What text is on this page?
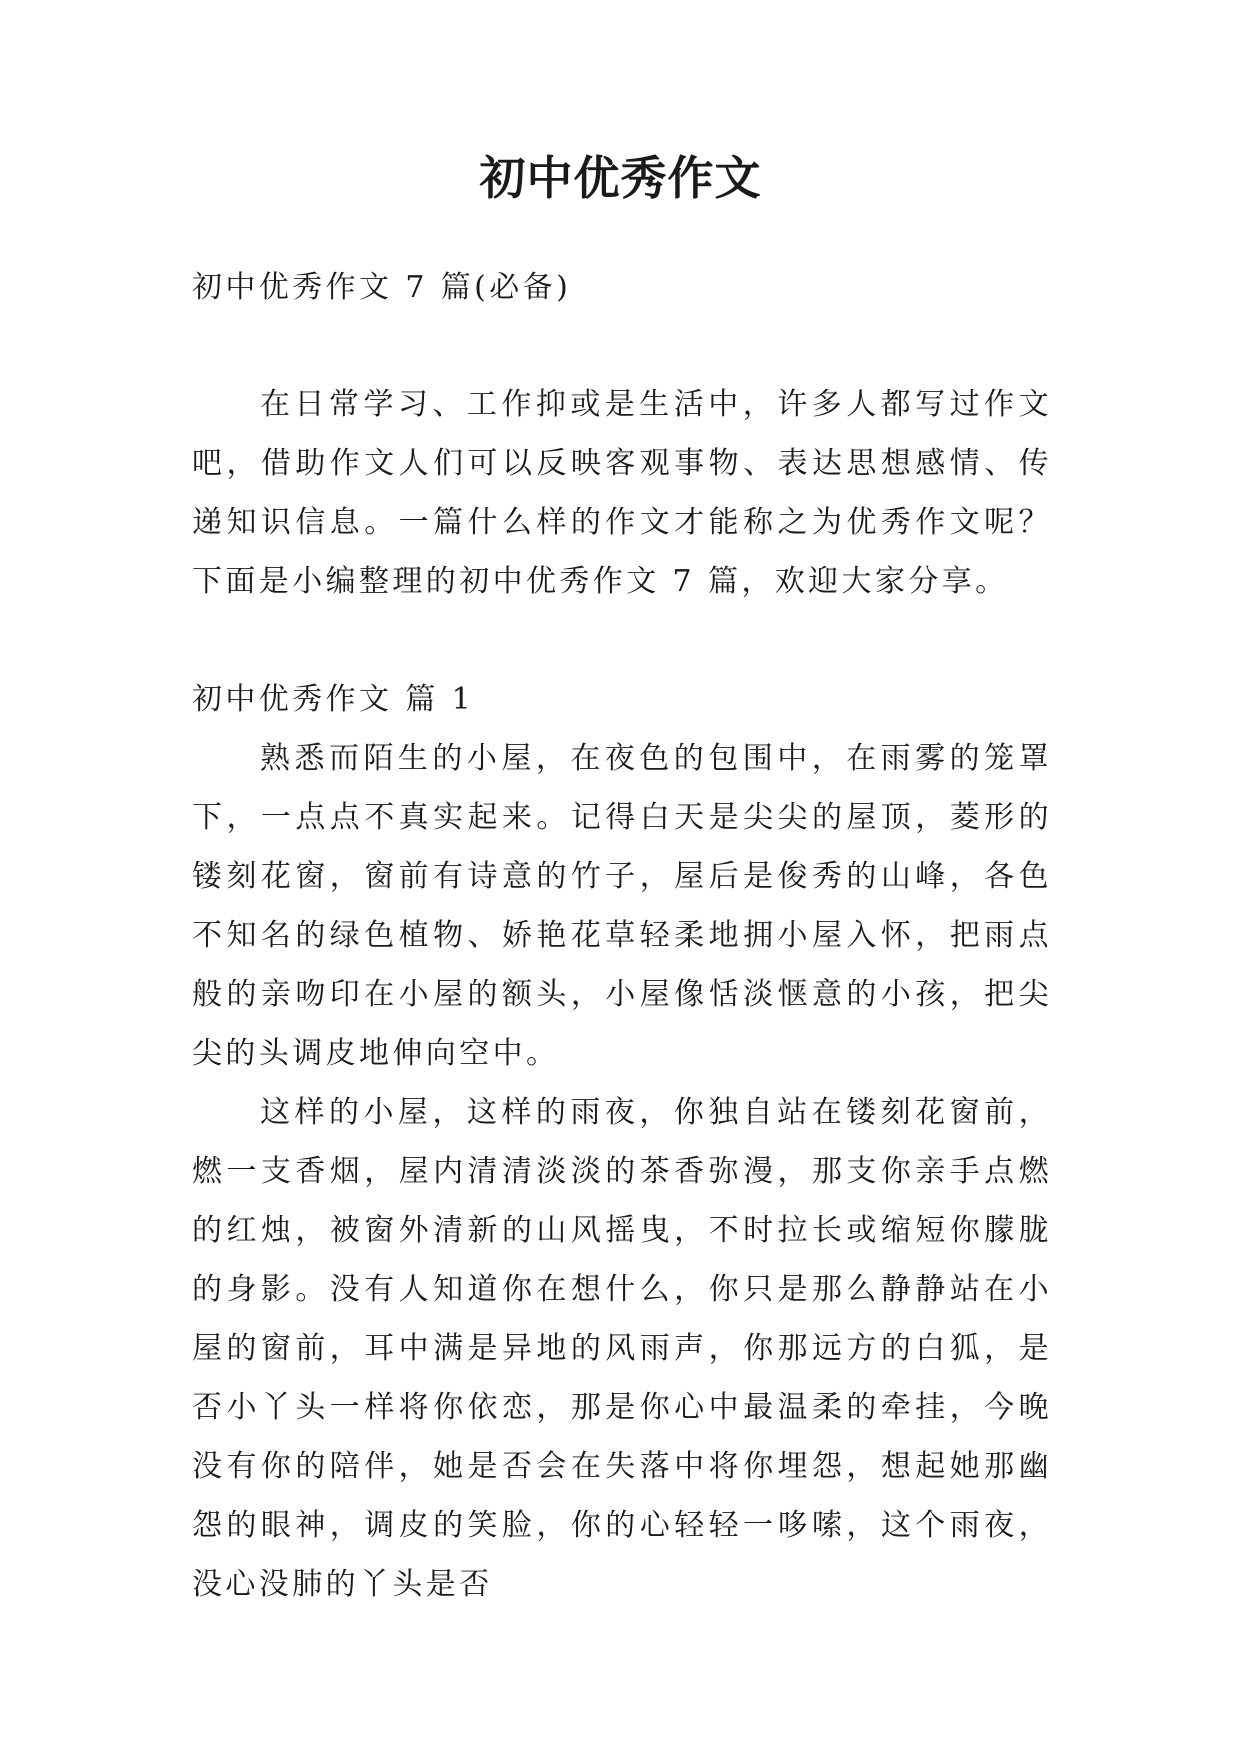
初中优秀作文

初中优秀作文 7 篇(必备)

在日常学习、工作抑或是生活中，许多人都写过作文吧，借助作文人们可以反映客观事物、表达思想感情、传递知识信息。一篇什么样的作文才能称之为优秀作文呢？下面是小编整理的初中优秀作文 7 篇，欢迎大家分享。

初中优秀作文 篇 1

熟悉而陌生的小屋，在夜色的包围中，在雨雾的笼罩下，一点点不真实起来。记得白天是尖尖的屋顶，菱形的镂刻花窗，窗前有诗意的竹子，屋后是俊秀的山峰，各色不知名的绿色植物、娇艳花草轻柔地拥小屋入怀，把雨点般的亲吻印在小屋的额头，小屋像恬淡惬意的小孩，把尖尖的头调皮地伸向空中。

这样的小屋，这样的雨夜，你独自站在镂刻花窗前，燃一支香烟，屋内清清淡淡的茶香弥漫，那支你亲手点燃的红烛，被窗外清新的山风摇曳，不时拉长或缩短你朦胧的身影。没有人知道你在想什么，你只是那么静静站在小屋的窗前，耳中满是异地的风雨声，你那远方的白狐，是否小丫头一样将你依恋，那是你心中最温柔的牵挂，今晚没有你的陪伴，她是否会在失落中将你埋怨，想起她那幽怨的眼神，调皮的笑脸，你的心轻轻一哆嗦，这个雨夜，没心没肺的丫头是否
